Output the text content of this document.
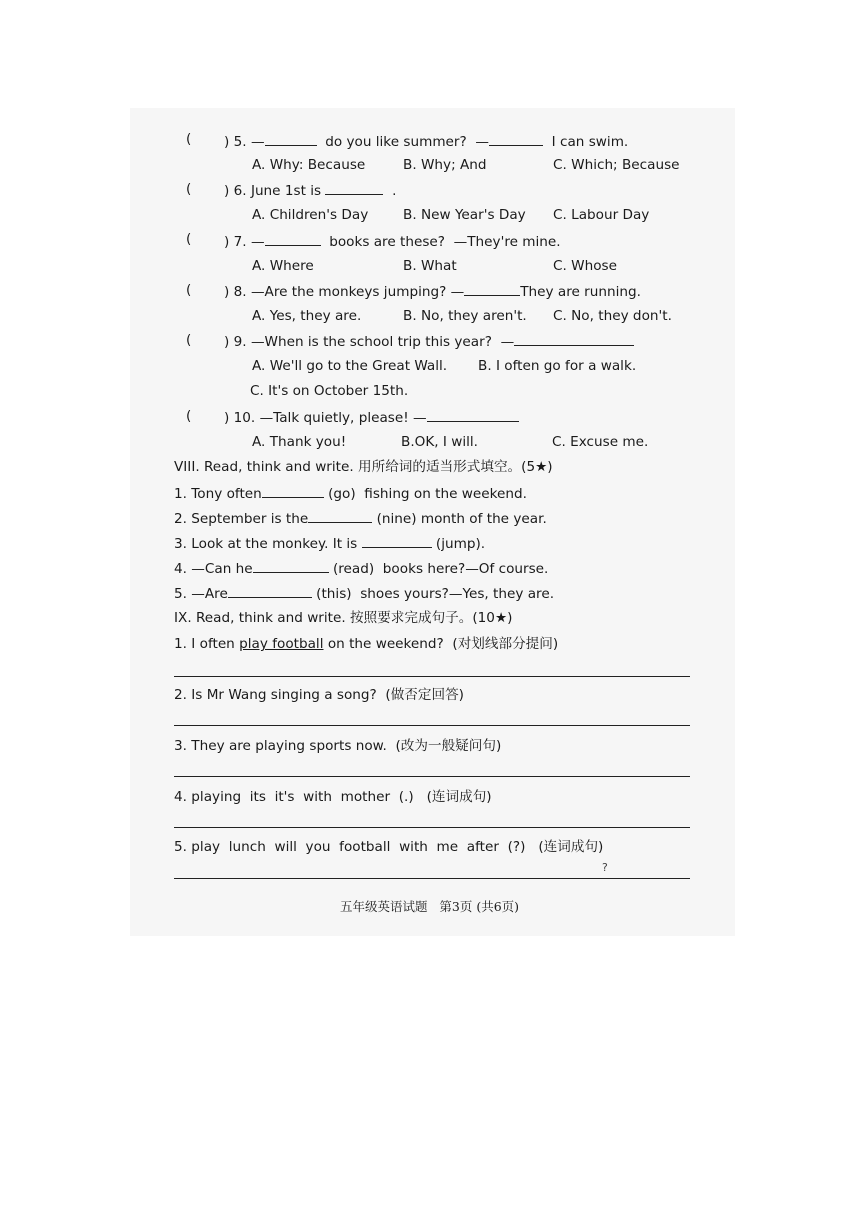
( ) 5. —	do you like summer? —	I can swim.
A. Why: Because	B. Why; And	C. Which; Because
( ) 6. June 1st is	.
A. Children's Day	B. New Year's Day C. Labour Day
( ) 7. —	books are these? —They're mine.
A. Where	B. What	C. Whose
( ) 8. —Are the monkeys jumping? —	They are running.
A. Yes, they are.	B. No, they aren't. C. No, they don't.
( ) 9. —When is the school trip this year? —
A. We'll go to the Great Wall. B. I often go for a walk.
C. It's on October 15th.
( ) 10. —Talk quietly, please! —
A. Thank you!	B.OK, I will.	C. Excuse me.
VIII. Read, think and write. 用所给词的适当形式填空。(5★)
1. Tony often	(go)  fishing on the weekend.
2. September is the	(nine) month of the year.
3. Look at the monkey. It is	(jump).
4. —Can he	(read)  books here?—Of course.
5. —Are	(this)  shoes yours?—Yes, they are.
IX. Read, think and write. 按照要求完成句子。(10★)
1. I often play football on the weekend?  (对划线部分提问)
2. Is Mr Wang singing a song?  (做否定回答)
3. They are playing sports now.  (改为一般疑问句)
4. playing  its  it's  with  mother  (.)   (连词成句)
5. play  lunch  will  you  football  with  me  after  (?)   (连词成句)
?
五年级英语试题   第3页 (共6页)
